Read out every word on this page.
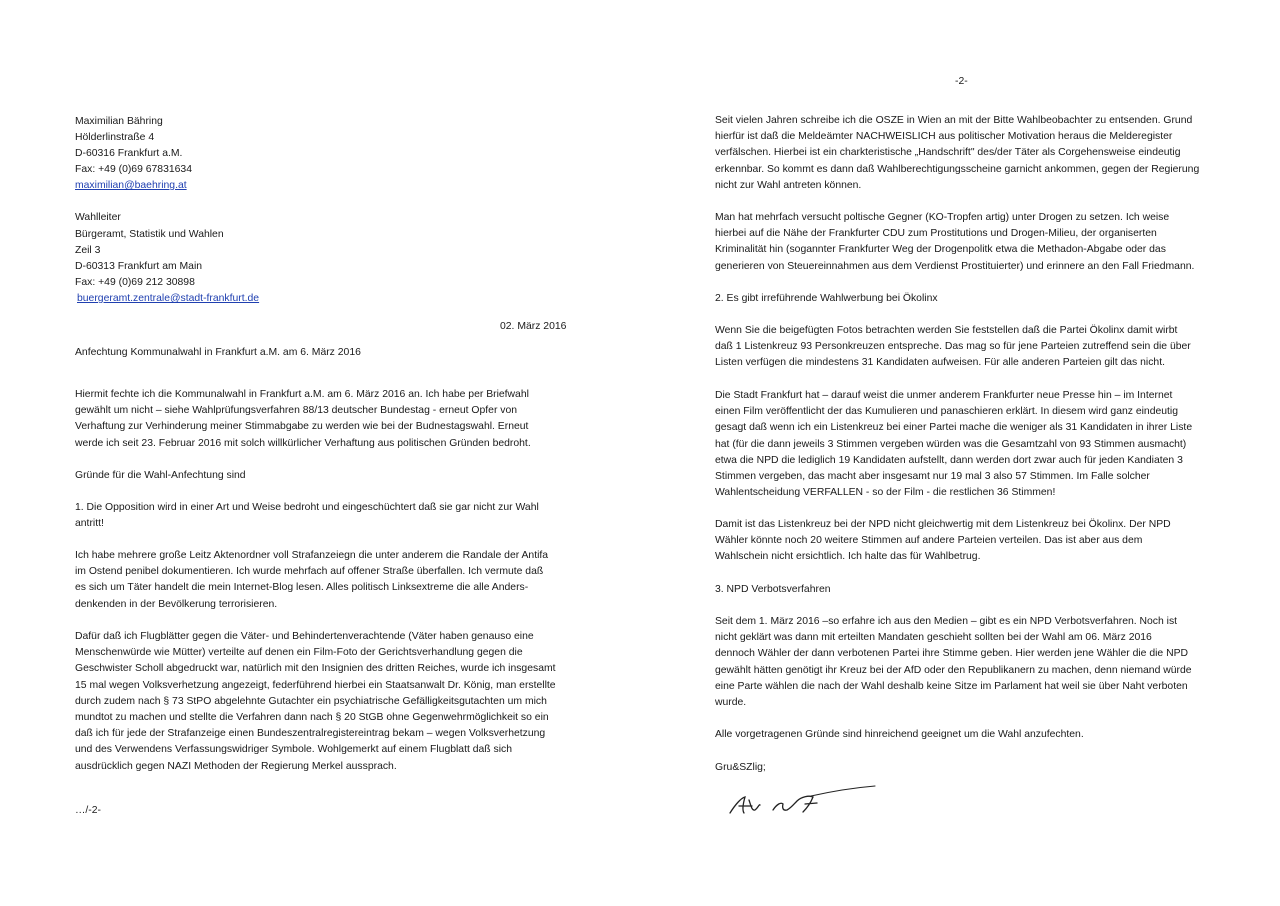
Maximilian Bähring
Hölderlinstraße 4
D-60316 Frankfurt a.M.
Fax: +49 (0)69 67831634
maximilian@baehring.at
Wahlleiter
Bürgeramt, Statistik und Wahlen
Zeil 3
D-60313 Frankfurt am Main
Fax: +49 (0)69 212 30898
buergeramt.zentrale@stadt-frankfurt.de
02. März 2016
Anfechtung Kommunalwahl in Frankfurt a.M. am 6. März 2016
Hiermit fechte ich die Kommunalwahl in Frankfurt a.M. am 6. März 2016 an. Ich habe per Briefwahl
gewählt um nicht – siehe Wahlprüfungsverfahren 88/13 deutscher Bundestag - erneut Opfer von
Verhaftung zur Verhinderung meiner Stimmabgabe zu werden wie bei der Budnestagswahl. Erneut
werde ich seit 23. Februar 2016 mit solch willkürlicher Verhaftung aus politischen Gründen bedroht.
Gründe für die Wahl-Anfechtung sind
1. Die Opposition wird in einer Art und Weise bedroht und eingeschüchtert daß sie gar nicht zur Wahl
antritt!
Ich habe mehrere große Leitz Aktenordner voll Strafanzeiegn die unter anderem die Randale der Antifa
im Ostend penibel dokumentieren. Ich wurde mehrfach auf offener Straße überfallen. Ich vermute daß
es sich um Täter handelt die mein Internet-Blog lesen. Alles politisch Linksextreme die alle Anders-
denkenden in der Bevölkerung terrorisieren.
Dafür daß ich Flugblätter gegen die Väter- und Behindertenverachtende (Väter haben genauso eine
Menschenwürde wie Mütter) verteilte auf denen ein Film-Foto der Gerichtsverhandlung gegen die
Geschwister Scholl abgedruckt war, natürlich mit den Insignien des dritten Reiches, wurde ich insgesamt
15 mal wegen Volksverhetzung angezeigt, federführend hierbei ein Staatsanwalt Dr. König, man erstellte
durch zudem nach § 73 StPO abgelehnte Gutachter ein psychiatrische Gefälligkeitsgutachten um mich
mundtot zu machen und stellte die Verfahren dann nach § 20 StGB ohne Gegenwehrmöglichkeit so ein
daß ich für jede der Strafanzeige einen Bundeszentralregistereintrag bekam – wegen Volksverhetzung
und des Verwendens Verfassungswidriger Symbole. Wohlgemerkt auf einem Flugblatt daß sich
ausdrücklich gegen NAZI Methoden der Regierung Merkel aussprach.
…/-2-
-2-
Seit vielen Jahren schreibe ich die OSZE in Wien an mit der Bitte Wahlbeobachter zu entsenden. Grund
hierfür ist daß die Meldeämter NACHWEISLICH aus politischer Motivation heraus die Melderegister
verfälschen. Hierbei ist ein charkteristische „Handschrift" des/der Täter als Corgehensweise eindeutig
erkennbar. So kommt es dann daß Wahlberechtigungsscheine garnicht ankommen, gegen der Regierung
nicht zur Wahl antreten können.
Man hat mehrfach versucht poltische Gegner (KO-Tropfen artig) unter Drogen zu setzen. Ich weise
hierbei auf die Nähe der Frankfurter CDU zum Prostitutions und Drogen-Milieu, der organiserten
Kriminalität hin (sogannter Frankfurter Weg der Drogenpolitk etwa die Methadon-Abgabe oder das
generieren von Steuereinnahmen aus dem Verdienst Prostituierter) und erinnere an den Fall Friedmann.
2. Es gibt irreführende Wahlwerbung bei Ökolinx
Wenn Sie die beigefügten Fotos betrachten werden Sie feststellen daß die Partei Ökolinx damit wirbt
daß 1 Listenkreuz 93 Personkreuzen entspreche. Das mag so für jene Parteien zutreffend sein die über
Listen verfügen die mindestens 31 Kandidaten aufweisen. Für alle anderen Parteien gilt das nicht.
Die Stadt Frankfurt hat – darauf weist die unmer anderem Frankfurter neue Presse hin – im Internet
einen Film veröffentlicht der das Kumulieren und panaschieren erklärt. In diesem wird ganz eindeutig
gesagt daß wenn ich ein Listenkreuz bei einer Partei mache die weniger als 31 Kandidaten in ihrer Liste
hat (für die dann jeweils 3 Stimmen vergeben würden was die Gesamtzahl von 93 Stimmen ausmacht)
etwa die NPD die lediglich 19 Kandidaten aufstellt, dann werden dort zwar auch für jeden Kandiaten 3
Stimmen vergeben, das macht aber insgesamt nur 19 mal 3 also 57 Stimmen. Im Falle solcher
Wahlentscheidung VERFALLEN - so der Film - die restlichen 36 Stimmen!
Damit ist das Listenkreuz bei der NPD nicht gleichwertig mit dem Listenkreuz bei Ökolinx. Der NPD
Wähler könnte noch 20 weitere Stimmen auf andere Parteien verteilen. Das ist aber aus dem
Wahlschein nicht ersichtlich. Ich halte das für Wahlbetrug.
3. NPD Verbotsverfahren
Seit dem 1. März 2016 –so erfahre ich aus den Medien – gibt es ein NPD Verbotsverfahren. Noch ist
nicht geklärt was dann mit erteilten Mandaten geschieht sollten bei der Wahl am 06. März 2016
dennoch Wähler der dann verbotenen Partei ihre Stimme geben. Hier werden jene Wähler die die NPD
gewählt hätten genötigt ihr Kreuz bei der AfD oder den Republikanern zu machen, denn niemand würde
eine Parte wählen die nach der Wahl deshalb keine Sitze im Parlament hat weil sie über Naht verboten
wurde.
Alle vorgetragenen Gründe sind hinreichend geeignet um die Wahl anzufechten.
Gru&SZlig;
